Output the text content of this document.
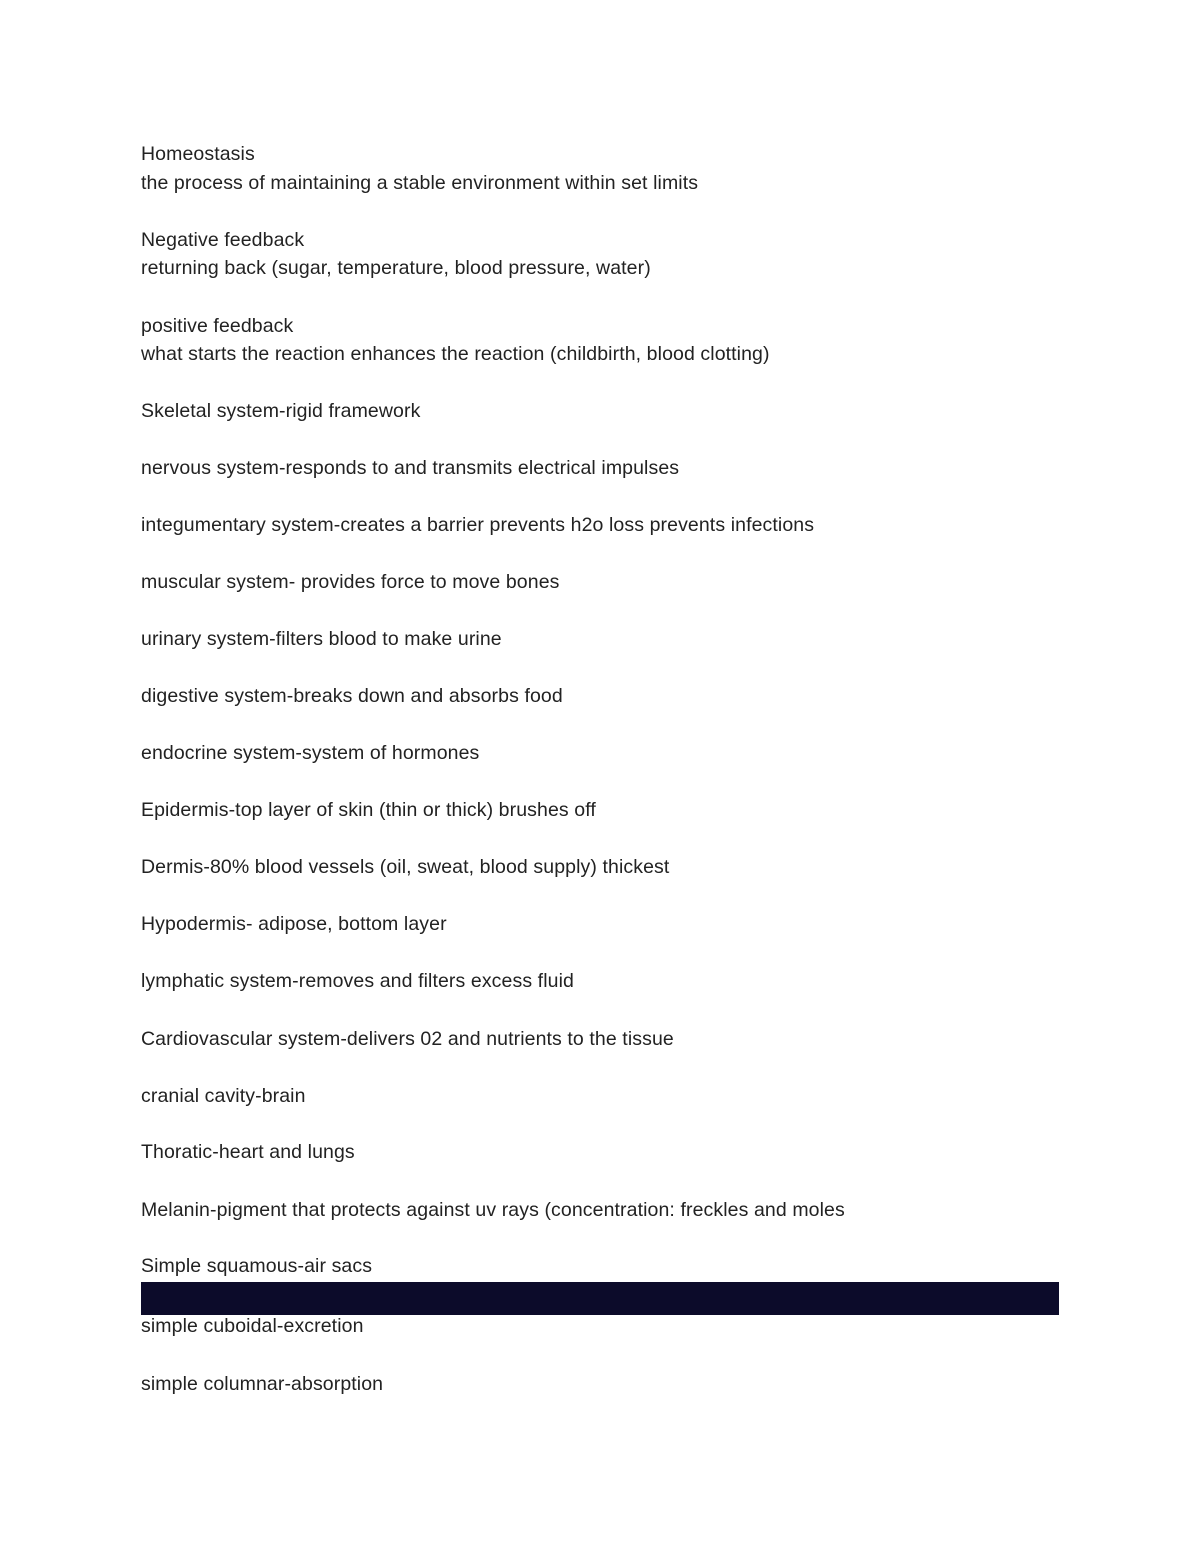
Homeostasis
the process of maintaining a stable environment within set limits
Negative feedback
returning back (sugar, temperature, blood pressure, water)
positive feedback
what starts the reaction enhances the reaction (childbirth, blood clotting)
Skeletal system-rigid framework
nervous system-responds to and transmits electrical impulses
integumentary system-creates a barrier prevents h2o loss prevents infections
muscular system- provides force to move bones
urinary system-filters blood to make urine
digestive system-breaks down and absorbs food
endocrine system-system of hormones
Epidermis-top layer of skin (thin or thick) brushes off
Dermis-80% blood vessels (oil, sweat, blood supply) thickest
Hypodermis- adipose, bottom layer
lymphatic system-removes and filters excess fluid
Cardiovascular system-delivers 02 and nutrients to the tissue
cranial cavity-brain
Thoratic-heart and lungs
Melanin-pigment that protects against uv rays (concentration: freckles and moles
Simple squamous-air sacs
simple cuboidal-excretion
simple columnar-absorption
